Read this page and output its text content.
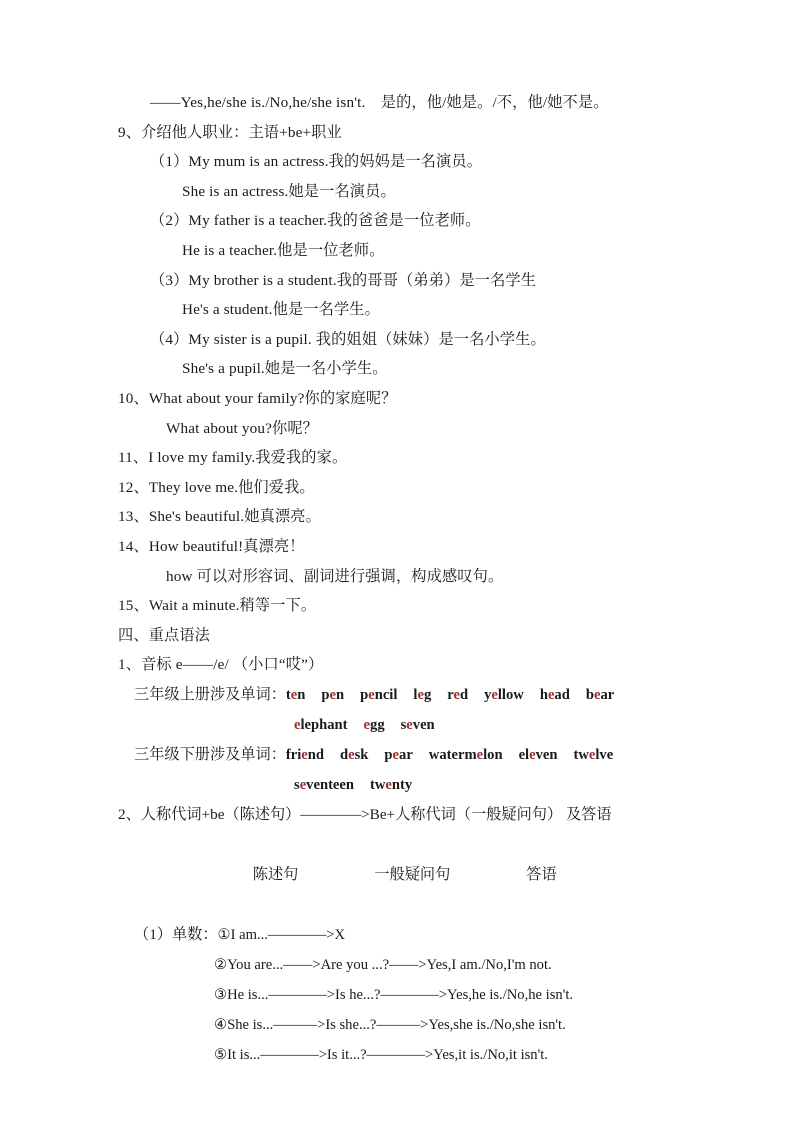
——Yes,he/she is./No,he/she isn't.　是的，他/她是。/不，他/她不是。
9、介绍他人职业：主语+be+职业
（1）My mum is an actress.我的妈妈是一名演员。
She is an actress.她是一名演员。
（2）My father is a teacher.我的爸爸是一位老师。
He is a teacher.他是一位老师。
（3）My brother is a student.我的哥哥（弟弟）是一名学生
He's a student.他是一名学生。
（4）My sister is a pupil. 我的姐姐（妹妹）是一名小学生。
She's a pupil.她是一名小学生。
10、What about your family?你的家庭呢？
What about you?你呢？
11、I love my family.我爱我的家。
12、They love me.他们爱我。
13、She's beautiful.她真漂亮。
14、How beautiful!真漂亮！
how 可以对形容词、副词进行强调，构成感叹句。
15、Wait a minute.稍等一下。
四、重点语法
1、音标 e——/e/ （小口“哎”）
三年级上册涉及单词：ten pen pencil leg red yellow head bear
elephant egg seven
三年级下册涉及单词：friend desk pear watermelon eleven twelve
seventeen twenty
2、人称代词+be（陈述句）————>Be+人称代词（一般疑问句） 及答语

陈述句	一般疑问句	答语

（1）单数：①I am...————>X
②You are...——>Are you ...?——>Yes,I am./No,I'm not.
③He is...————>Is he...?————>Yes,he is./No,he isn't.
④She is...———>Is she...?———>Yes,she is./No,she isn't.
⑤It is...————>Is it...?————>Yes,it is./No,it isn't.
